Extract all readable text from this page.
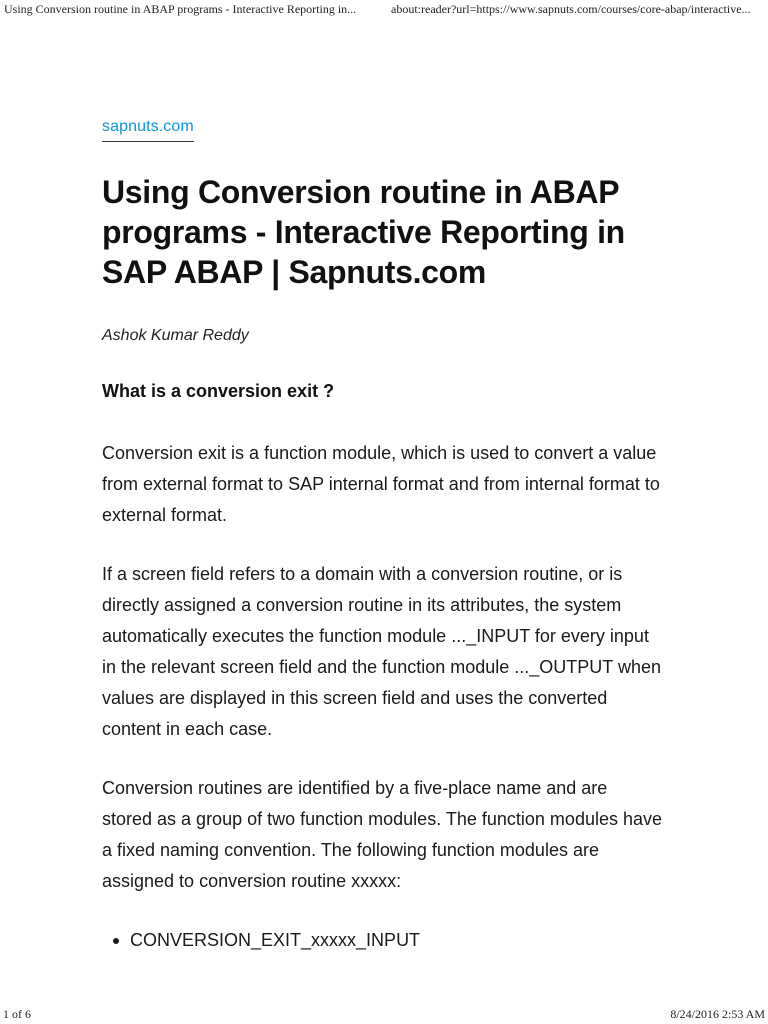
Using Conversion routine in ABAP programs - Interactive Reporting in...	about:reader?url=https://www.sapnuts.com/courses/core-abap/interactive...
sapnuts.com
Using Conversion routine in ABAP programs - Interactive Reporting in SAP ABAP | Sapnuts.com
Ashok Kumar Reddy
What is a conversion exit ?

Conversion exit is a function module, which is used to convert a value from external format to SAP internal format and from internal format to external format.

If a screen field refers to a domain with a conversion routine, or is directly assigned a conversion routine in its attributes, the system automatically executes the function module ..._INPUT for every input in the relevant screen field and the function module ..._OUTPUT when values are displayed in this screen field and uses the converted content in each case.

Conversion routines are identified by a five-place name and are stored as a group of two function modules. The function modules have a fixed naming convention. The following function modules are assigned to conversion routine xxxxx:

CONVERSION_EXIT_xxxxx_INPUT
1 of 6	8/24/2016 2:53 AM
